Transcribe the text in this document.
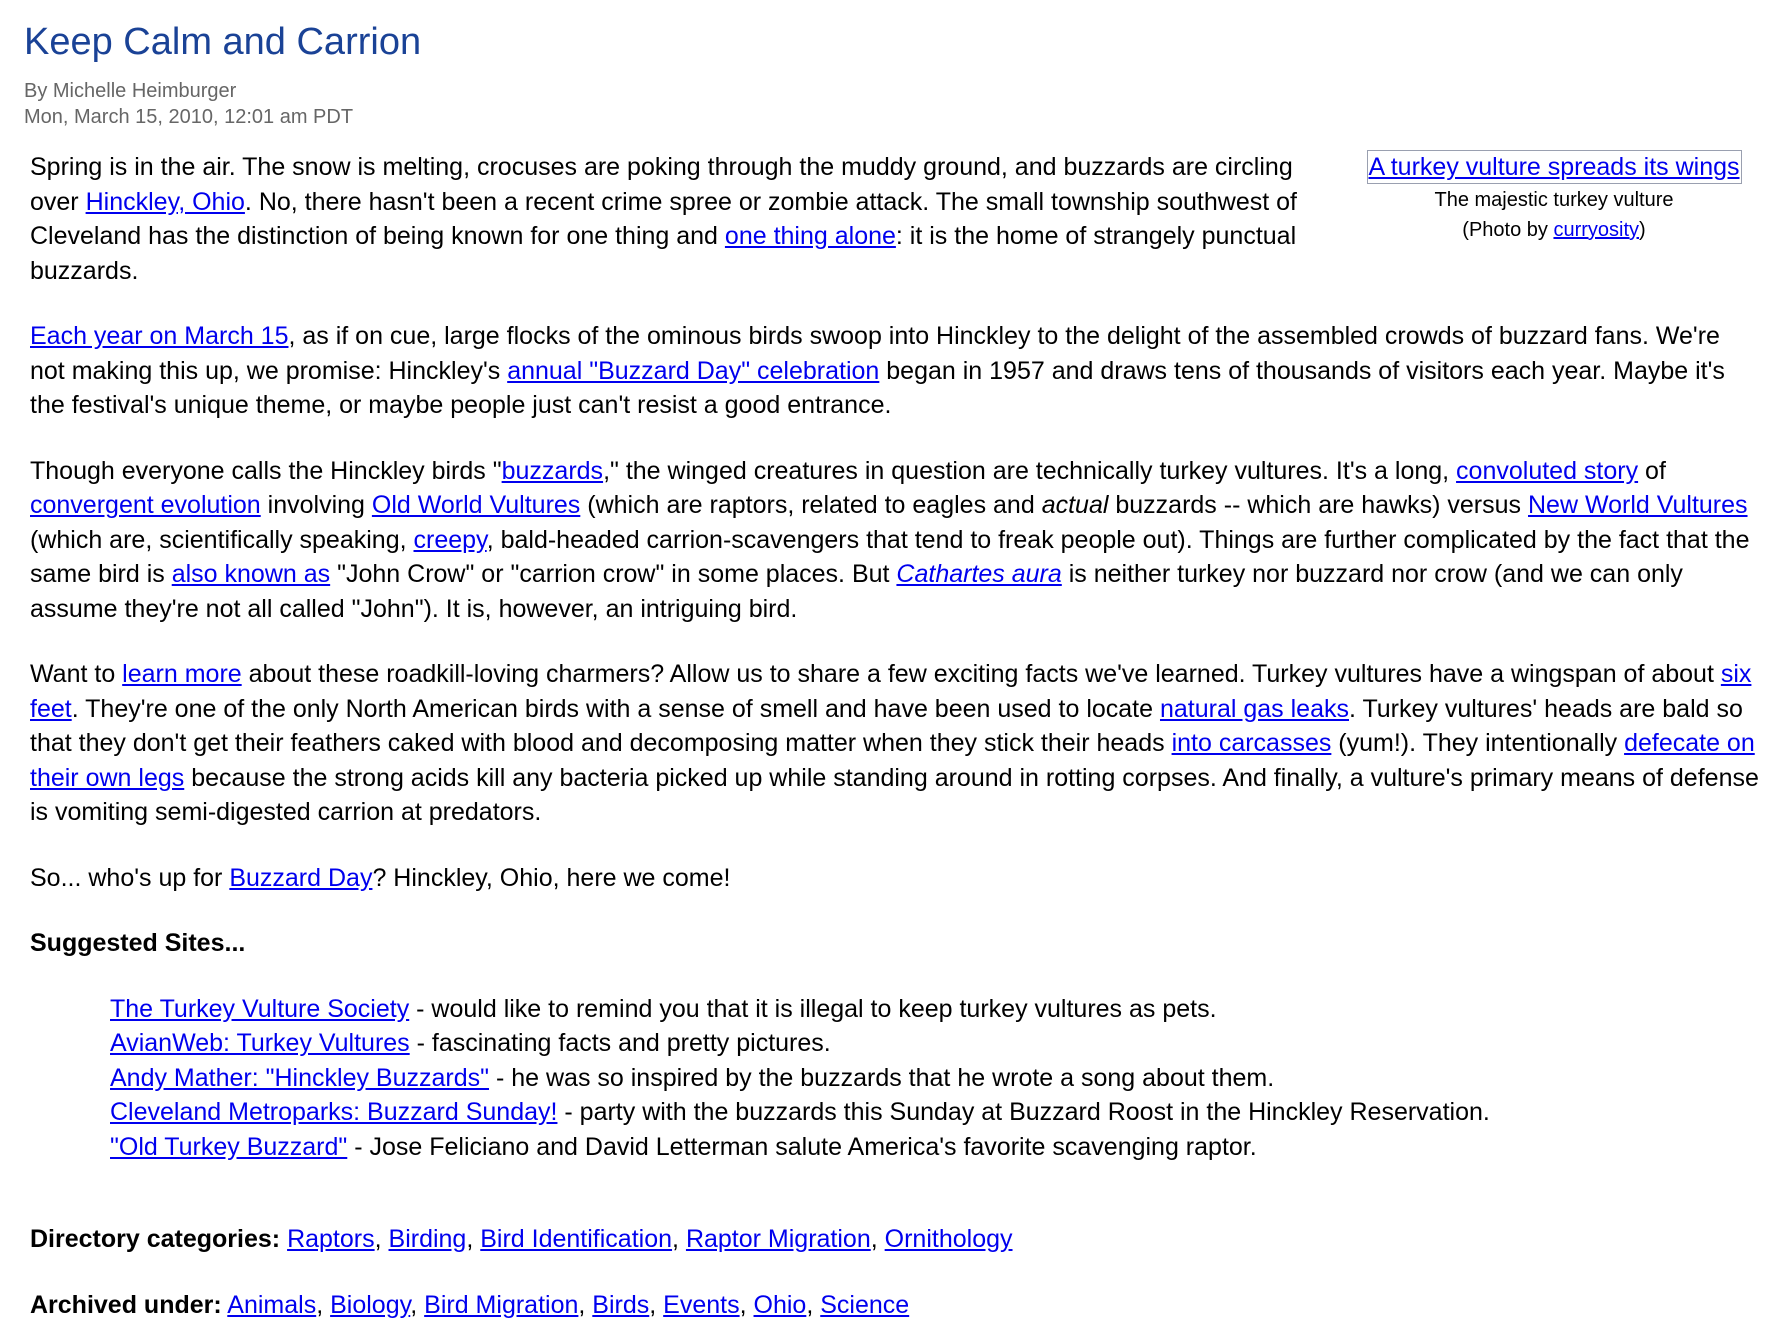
Keep Calm and Carrion
By Michelle Heimburger
Mon, March 15, 2010, 12:01 am PDT
A turkey vulture spreads its wings
The majestic turkey vulture
(Photo by curryosity)

Spring is in the air. The snow is melting, crocuses are poking through the muddy ground, and buzzards are circling over Hinckley, Ohio. No, there hasn't been a recent crime spree or zombie attack. The small township southwest of Cleveland has the distinction of being known for one thing and one thing alone: it is the home of strangely punctual buzzards.

Each year on March 15, as if on cue, large flocks of the ominous birds swoop into Hinckley to the delight of the assembled crowds of buzzard fans. We're not making this up, we promise: Hinckley's annual "Buzzard Day" celebration began in 1957 and draws tens of thousands of visitors each year. Maybe it's the festival's unique theme, or maybe people just can't resist a good entrance.

Though everyone calls the Hinckley birds "buzzards," the winged creatures in question are technically turkey vultures. It's a long, convoluted story of convergent evolution involving Old World Vultures (which are raptors, related to eagles and actual buzzards -- which are hawks) versus New World Vultures (which are, scientifically speaking, creepy, bald-headed carrion-scavengers that tend to freak people out). Things are further complicated by the fact that the same bird is also known as "John Crow" or "carrion crow" in some places. But Cathartes aura is neither turkey nor buzzard nor crow (and we can only assume they're not all called "John"). It is, however, an intriguing bird.

Want to learn more about these roadkill-loving charmers? Allow us to share a few exciting facts we've learned. Turkey vultures have a wingspan of about six feet. They're one of the only North American birds with a sense of smell and have been used to locate natural gas leaks. Turkey vultures' heads are bald so that they don't get their feathers caked with blood and decomposing matter when they stick their heads into carcasses (yum!). They intentionally defecate on their own legs because the strong acids kill any bacteria picked up while standing around in rotting corpses. And finally, a vulture's primary means of defense is vomiting semi-digested carrion at predators.

So... who's up for Buzzard Day? Hinckley, Ohio, here we come!

Suggested Sites...

The Turkey Vulture Society - would like to remind you that it is illegal to keep turkey vultures as pets.
AvianWeb: Turkey Vultures - fascinating facts and pretty pictures.
Andy Mather: "Hinckley Buzzards" - he was so inspired by the buzzards that he wrote a song about them.
Cleveland Metroparks: Buzzard Sunday! - party with the buzzards this Sunday at Buzzard Roost in the Hinckley Reservation.
"Old Turkey Buzzard" - Jose Feliciano and David Letterman salute America's favorite scavenging raptor.

Directory categories: Raptors, Birding, Bird Identification, Raptor Migration, Ornithology

Archived under: Animals, Biology, Bird Migration, Birds, Events, Ohio, Science
